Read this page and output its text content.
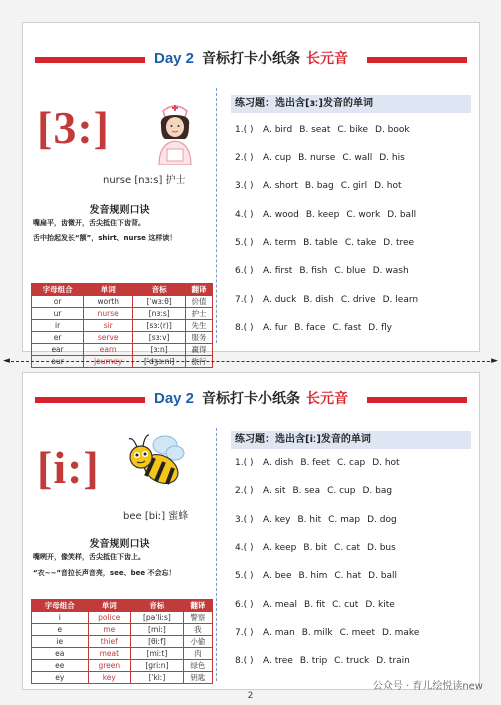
Day 2 音标打卡小纸条 长元音
[3:]
nurse [nɜːs] 护士
发音规则口诀
嘴扁平，齿微开，舌尖抵住下齿背。
舌中抬起发长“额”，shirt、nurse 这样读！
字母组合	单词	音标	翻译
or	worth	[ˈwɜːθ]	价值
ur	nurse	[nɜːs]	护士
ir	sir	[sɜː(r)]	先生
er	serve	[sɜːv]	服务
ear	earn	[ɜːn]	赢得
our	journey	[ˈdʒɜːni]	旅行
练习题：选出含[ɜː]发音的单词
1.( ) A. bird B. seat C. bike D. book
2.( ) A. cup B. nurse C. wall D. his
3.( ) A. short B. bag C. girl D. hot
4.( ) A. wood B. keep C. work D. ball
5.( ) A. term B. table C. take D. tree
6.( ) A. first B. fish C. blue D. wash
7.( ) A. duck B. dish C. drive D. learn
8.( ) A. fur B. face C. fast D. fly
◄	►
Day 2 音标打卡小纸条 长元音
[i:]
bee [biː] 蜜蜂
发音规则口诀
嘴咧开，像笑样，舌尖抵住下齿上。
“衣~~”音拉长声音亮，see、bee 不会忘！
字母组合	单词	音标	翻译
i	police	[pəˈliːs]	警察
e	me	[miː]	我
ie	thief	[θiːf]	小偷
ea	meat	[miːt]	肉
ee	green	[ɡriːn]	绿色
ey	key	[ˈkiː]	钥匙
练习题：选出含[iː]发音的单词
1.( ) A. dish B. feet C. cap D. hot
2.( ) A. sit B. sea C. cup D. bag
3.( ) A. key B. hit C. map D. dog
4.( ) A. keep B. bit C. cat D. bus
5.( ) A. bee B. him C. hat D. ball
6.( ) A. meal B. fit C. cut D. kite
7.( ) A. man B. milk C. meet D. make
8.( ) A. tree B. trip C. truck D. train
公众号 · 育儿绘悦读new
2
